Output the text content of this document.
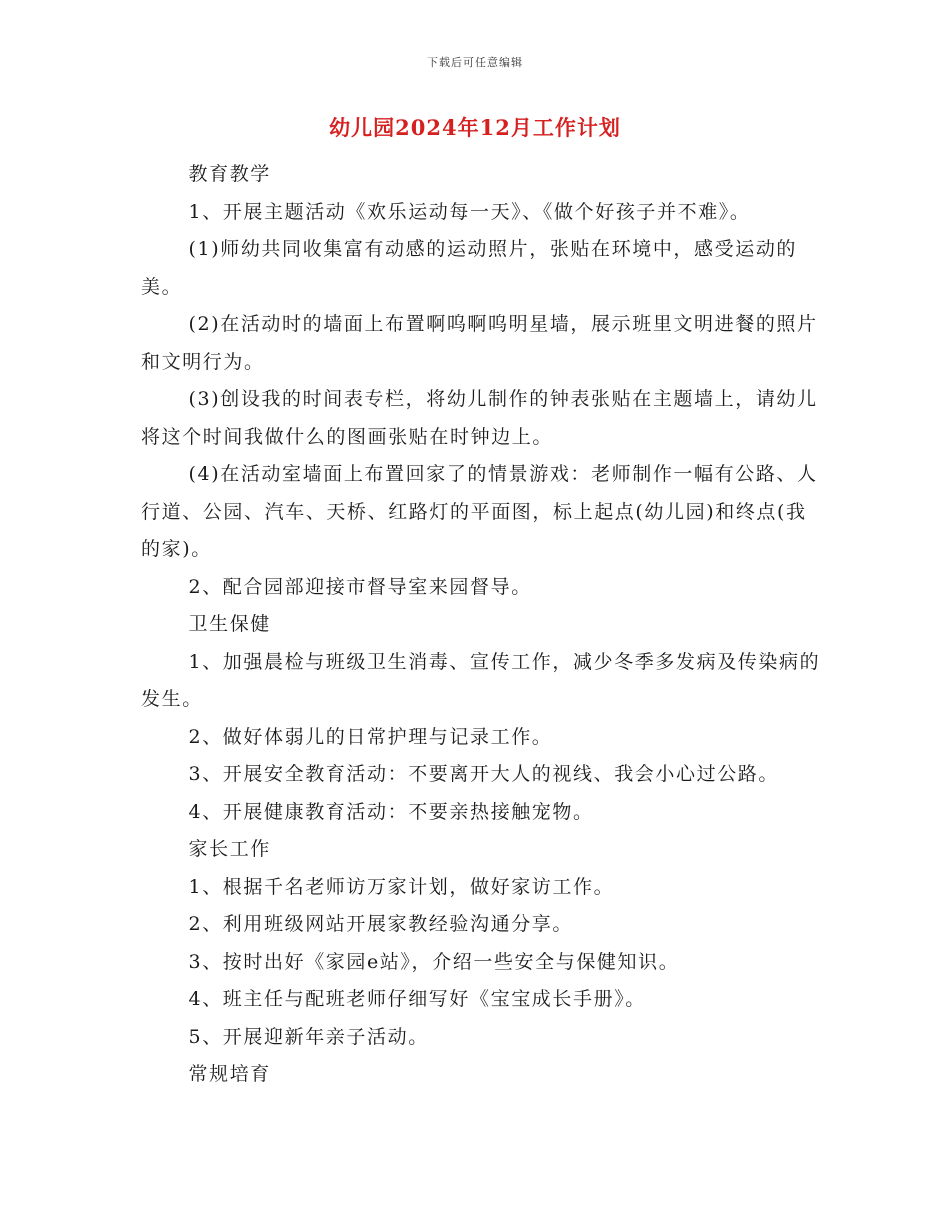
下载后可任意编辑
幼儿园2024年12月工作计划

教育教学

1、开展主题活动《欢乐运动每一天》、《做个好孩子并不难》。

(1)师幼共同收集富有动感的运动照片，张贴在环境中，感受运动的美。

(2)在活动时的墙面上布置啊呜啊呜明星墙，展示班里文明进餐的照片和文明行为。

(3)创设我的时间表专栏，将幼儿制作的钟表张贴在主题墙上，请幼儿将这个时间我做什么的图画张贴在时钟边上。

(4)在活动室墙面上布置回家了的情景游戏：老师制作一幅有公路、人行道、公园、汽车、天桥、红路灯的平面图，标上起点(幼儿园)和终点(我的家)。

2、配合园部迎接市督导室来园督导。

卫生保健

1、加强晨检与班级卫生消毒、宣传工作，减少冬季多发病及传染病的发生。

2、做好体弱儿的日常护理与记录工作。

3、开展安全教育活动：不要离开大人的视线、我会小心过公路。

4、开展健康教育活动：不要亲热接触宠物。

家长工作

1、根据千名老师访万家计划，做好家访工作。

2、利用班级网站开展家教经验沟通分享。

3、按时出好《家园e站》，介绍一些安全与保健知识。

4、班主任与配班老师仔细写好《宝宝成长手册》。

5、开展迎新年亲子活动。

常规培育
